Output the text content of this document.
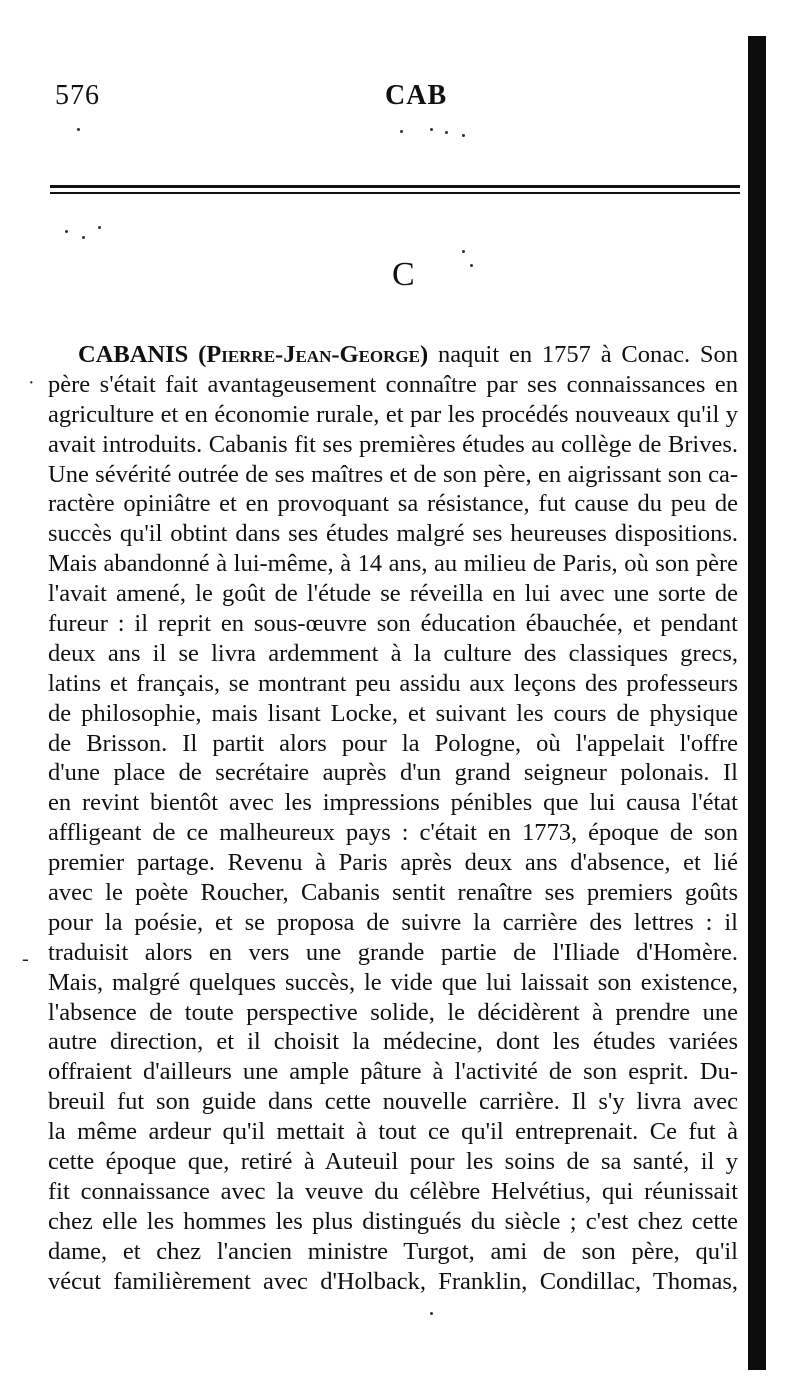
576	CAB
C
·
-
CABANIS (Pierre-Jean-George) naquit en 1757 à Conac. Son
père s'était fait avantageusement connaître par ses connaissances en
agriculture et en économie rurale, et par les procédés nouveaux qu'il y
avait introduits. Cabanis fit ses premières études au collège de Brives.
Une sévérité outrée de ses maîtres et de son père, en aigrissant son ca-
ractère opiniâtre et en provoquant sa résistance, fut cause du peu de
succès qu'il obtint dans ses études malgré ses heureuses dispositions.
Mais abandonné à lui-même, à 14 ans, au milieu de Paris, où son père
l'avait amené, le goût de l'étude se réveilla en lui avec une sorte de
fureur : il reprit en sous-œuvre son éducation ébauchée, et pendant
deux ans il se livra ardemment à la culture des classiques grecs,
latins et français, se montrant peu assidu aux leçons des professeurs
de philosophie, mais lisant Locke, et suivant les cours de physique
de Brisson. Il partit alors pour la Pologne, où l'appelait l'offre
d'une place de secrétaire auprès d'un grand seigneur polonais. Il
en revint bientôt avec les impressions pénibles que lui causa l'état
affligeant de ce malheureux pays : c'était en 1773, époque de son
premier partage. Revenu à Paris après deux ans d'absence, et lié
avec le poète Roucher, Cabanis sentit renaître ses premiers goûts
pour la poésie, et se proposa de suivre la carrière des lettres : il
traduisit alors en vers une grande partie de l'Iliade d'Homère.
Mais, malgré quelques succès, le vide que lui laissait son existence,
l'absence de toute perspective solide, le décidèrent à prendre une
autre direction, et il choisit la médecine, dont les études variées
offraient d'ailleurs une ample pâture à l'activité de son esprit. Du-
breuil fut son guide dans cette nouvelle carrière. Il s'y livra avec
la même ardeur qu'il mettait à tout ce qu'il entreprenait. Ce fut à
cette époque que, retiré à Auteuil pour les soins de sa santé, il y
fit connaissance avec la veuve du célèbre Helvétius, qui réunissait
chez elle les hommes les plus distingués du siècle ; c'est chez cette
dame, et chez l'ancien ministre Turgot, ami de son père, qu'il
vécut familièrement avec d'Holback, Franklin, Condillac, Thomas,
